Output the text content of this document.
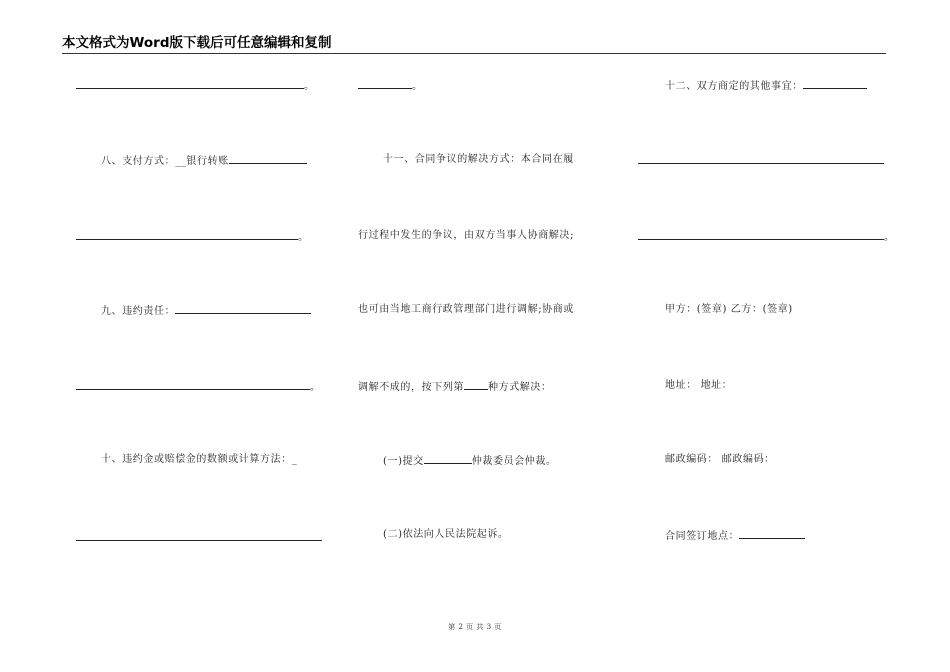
本文格式为Word版下载后可任意编辑和复制
。
八、支付方式：__银行转账
。
九、违约责任：
。
十、违约金或赔偿金的数额或计算方法：_
。
十一、合同争议的解决方式：本合同在履
行过程中发生的争议，由双方当事人协商解决;
也可由当地工商行政管理部门进行调解;协商或
调解不成的，按下列第 种方式解决：
(一)提交	仲裁委员会仲裁。
(二)依法向人民法院起诉。
十二、双方商定的其他事宜：
。
甲方：(签章) 乙方：(签章)
地址： 地址：
邮政编码： 邮政编码：
合同签订地点：
第 2 页 共 3 页
